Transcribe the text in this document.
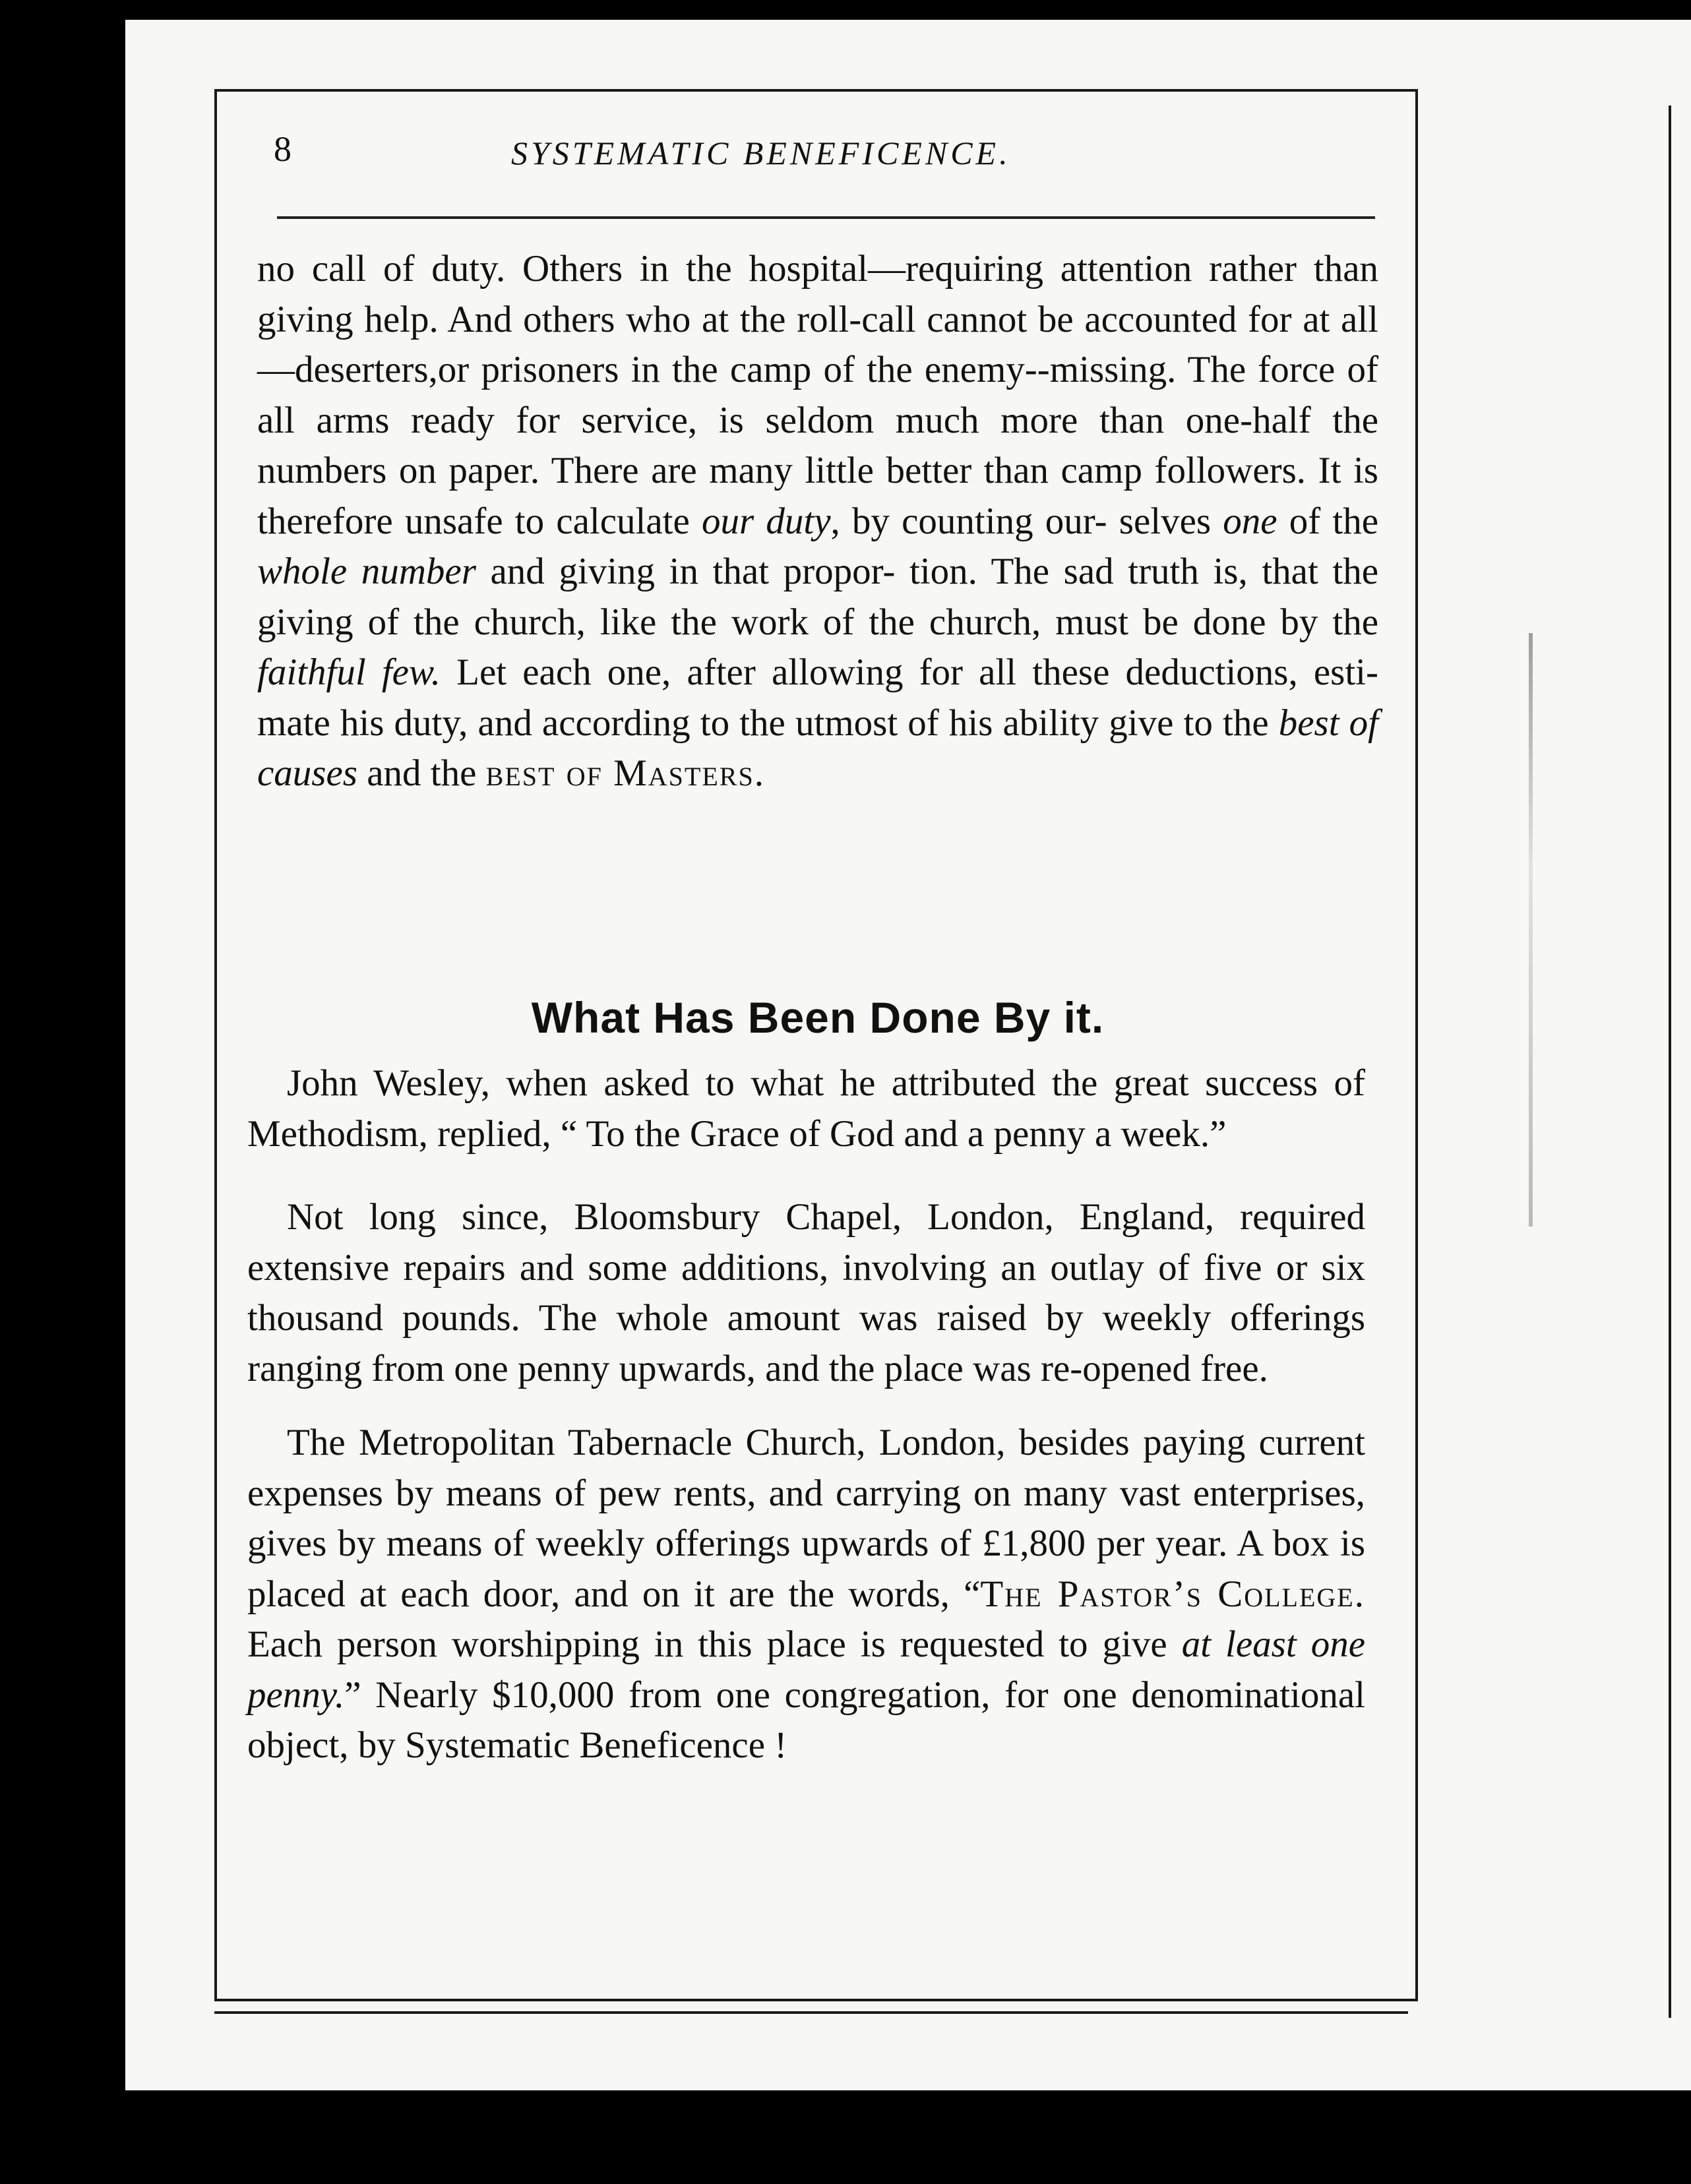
8	SYSTEMATIC BENEFICENCE.

no call of duty. Others in the hospital—requiring attention rather than giving help. And others who at the roll-call cannot be accounted for at all—deserters,or prisoners in the camp of the enemy--missing. The force of all arms ready for service, is seldom much more than one-half the numbers on paper. There are many little better than camp followers. It is therefore unsafe to calculate our duty, by counting our- selves one of the whole number and giving in that propor- tion. The sad truth is, that the giving of the church, like the work of the church, must be done by the faithful few. Let each one, after allowing for all these deductions, esti- mate his duty, and according to the utmost of his ability give to the best of causes and the best of Masters.

What Has Been Done By it.

John Wesley, when asked to what he attributed the great success of Methodism, replied, “ To the Grace of God and a penny a week.”

Not long since, Bloomsbury Chapel, London, England, required extensive repairs and some additions, involving an outlay of five or six thousand pounds. The whole amount was raised by weekly offerings ranging from one penny upwards, and the place was re-opened free.

The Metropolitan Tabernacle Church, London, besides paying current expenses by means of pew rents, and carrying on many vast enterprises, gives by means of weekly offerings upwards of £1,800 per year. A box is placed at each door, and on it are the words, “The Pastor’s College. Each person worshipping in this place is requested to give at least one penny.” Nearly $10,000 from one congregation, for one denominational object, by Systematic Beneficence !
